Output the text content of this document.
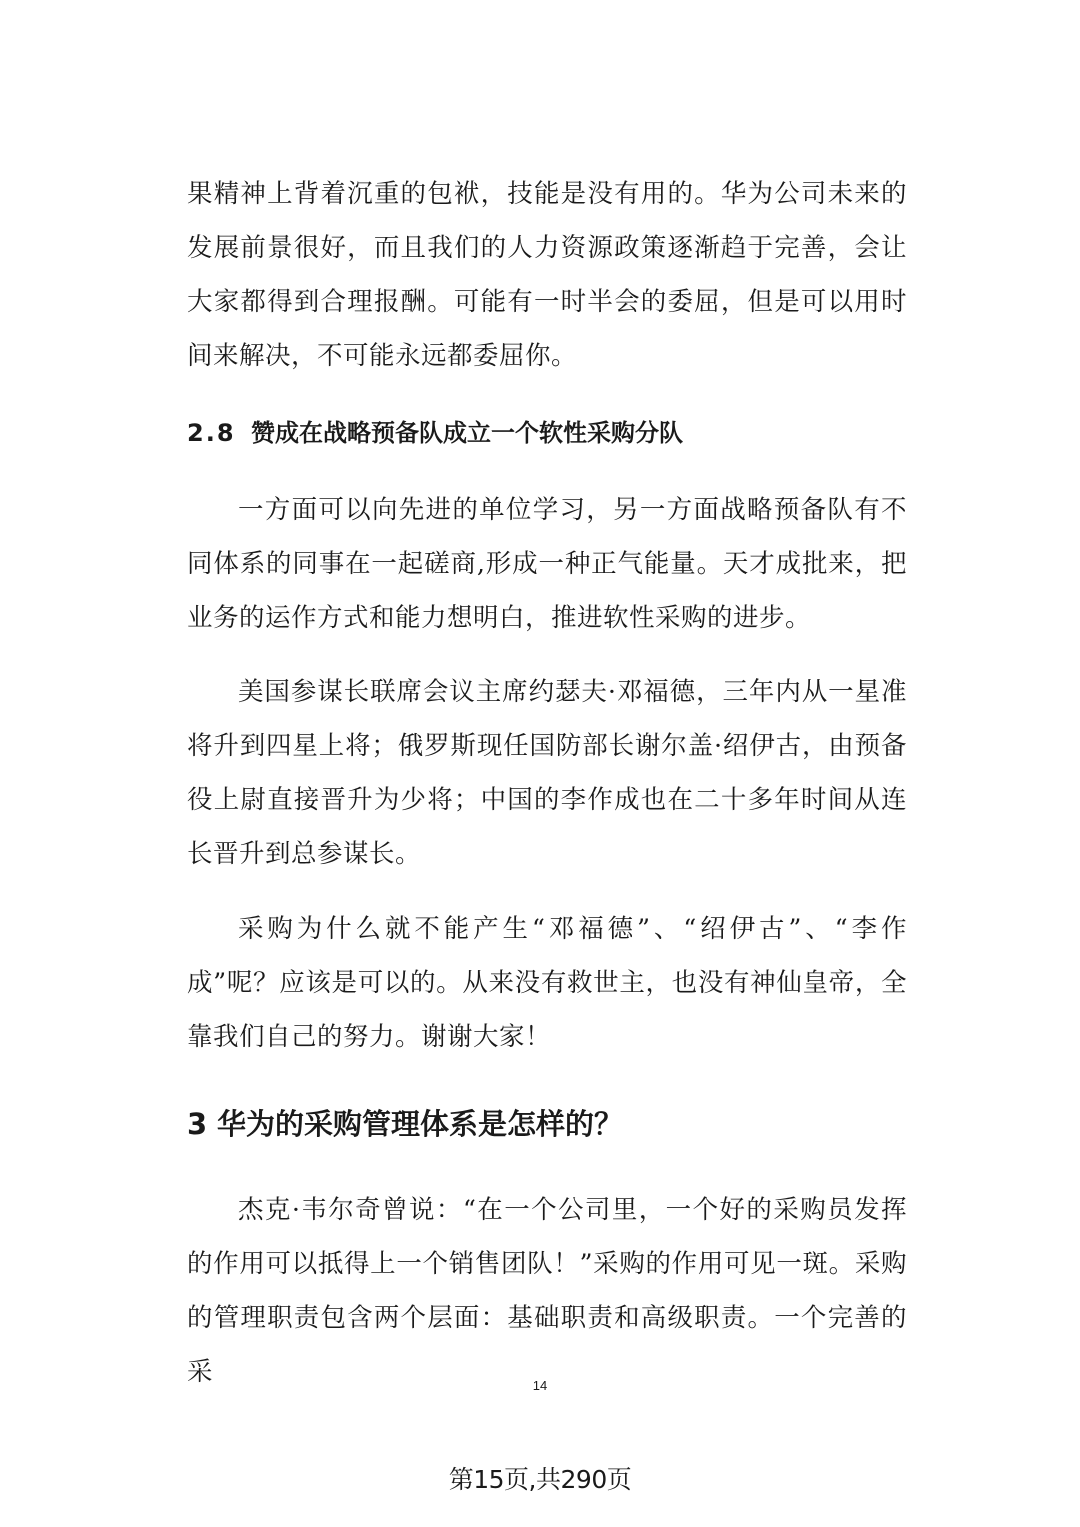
果精神上背着沉重的包袱，技能是没有用的。华为公司未来的发展前景很好，而且我们的人力资源政策逐渐趋于完善，会让大家都得到合理报酬。可能有一时半会的委屈，但是可以用时间来解决，不可能永远都委屈你。

2.8 赞成在战略预备队成立一个软性采购分队

一方面可以向先进的单位学习，另一方面战略预备队有不同体系的同事在一起磋商,形成一种正气能量。天才成批来，把业务的运作方式和能力想明白，推进软性采购的进步。

美国参谋长联席会议主席约瑟夫·邓福德，三年内从一星准将升到四星上将；俄罗斯现任国防部长谢尔盖·绍伊古，由预备役上尉直接晋升为少将；中国的李作成也在二十多年时间从连长晋升到总参谋长。

采购为什么就不能产生“邓福德”、“绍伊古”、“李作成”呢？应该是可以的。从来没有救世主，也没有神仙皇帝，全靠我们自己的努力。谢谢大家！

3 华为的采购管理体系是怎样的？

杰克·韦尔奇曾说：“在一个公司里，一个好的采购员发挥的作用可以抵得上一个销售团队！”采购的作用可见一斑。采购的管理职责包含两个层面：基础职责和高级职责。一个完善的采	14
第15页,共290页
